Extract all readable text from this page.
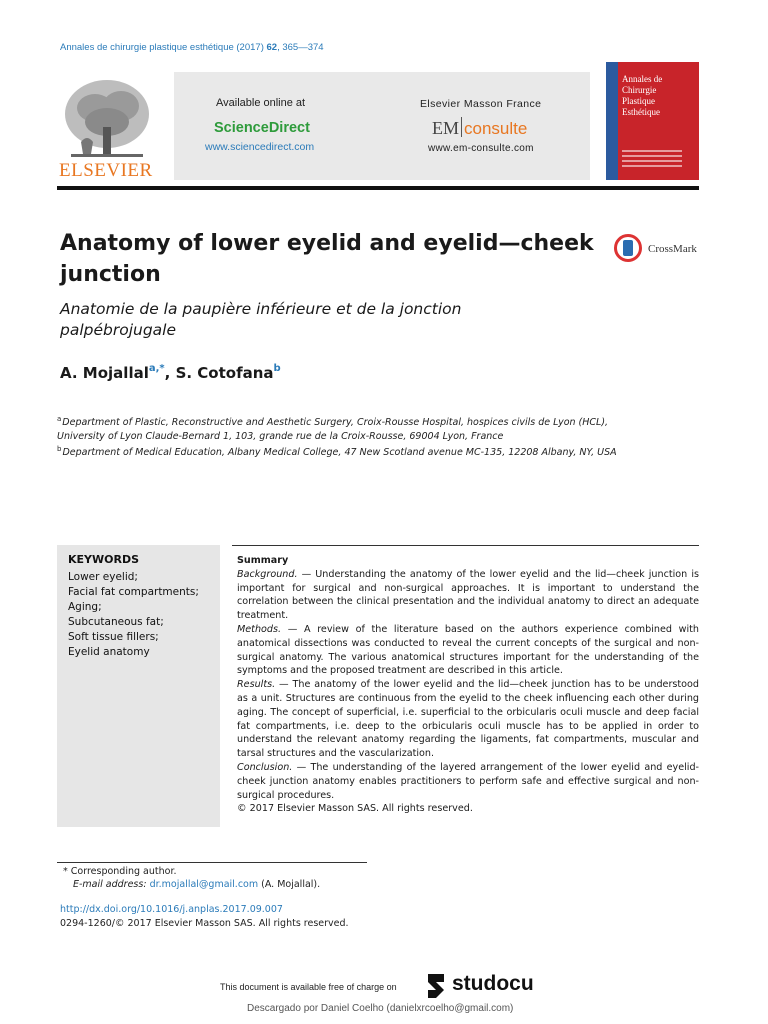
Annales de chirurgie plastique esthétique (2017) 62, 365—374
ELSEVIER
Available online at
ScienceDirect
www.sciencedirect.com
Elsevier Masson France
EM consulte
www.em-consulte.com
Annales de
Chirurgie
Plastique
Esthétique
Anatomy of lower eyelid and eyelid—cheek junction
CrossMark
Anatomie de la paupière inférieure et de la jonction palpébrojugale
A. Mojallal$^{a,*}$, S. Cotofana$^b$
$^a$Department of Plastic, Reconstructive and Aesthetic Surgery, Croix-Rousse Hospital, hospices civils de Lyon (HCL), University of Lyon Claude-Bernard 1, 103, grande rue de la Croix-Rousse, 69004 Lyon, France
$^b$Department of Medical Education, Albany Medical College, 47 New Scotland avenue MC-135, 12208 Albany, NY, USA
KEYWORDS
Lower eyelid;
Facial fat compartments;
Aging;
Subcutaneous fat;
Soft tissue fillers;
Eyelid anatomy
Summary

Background. — Understanding the anatomy of the lower eyelid and the lid—cheek junction is important for surgical and non-surgical approaches. It is important to understand the correlation between the clinical presentation and the individual anatomy to direct an adequate treatment.

Methods. — A review of the literature based on the authors experience combined with anatomical dissections was conducted to reveal the current concepts of the surgical and non-surgical anatomy. The various anatomical structures important for the understanding of the symptoms and the proposed treatment are described in this article.

Results. — The anatomy of the lower eyelid and the lid—cheek junction has to be understood as a unit. Structures are continuous from the eyelid to the cheek influencing each other during aging. The concept of superficial, i.e. superficial to the orbicularis oculi muscle and deep facial fat compartments, i.e. deep to the orbicularis oculi muscle has to be applied in order to understand the relevant anatomy regarding the ligaments, fat compartments, muscular and tarsal structures and the vascularization.

Conclusion. — The understanding of the layered arrangement of the lower eyelid and eyelid-cheek junction anatomy enables practitioners to perform safe and effective surgical and non-surgical procedures.

© 2017 Elsevier Masson SAS. All rights reserved.

* Corresponding author.
E-mail address: dr.mojallal@gmail.com (A. Mojallal).
http://dx.doi.org/10.1016/j.anplas.2017.09.007
0294-1260/© 2017 Elsevier Masson SAS. All rights reserved.
This document is available free of charge on	studocu
Descargado por Daniel Coelho (danielxrcoelho@gmail.com)
